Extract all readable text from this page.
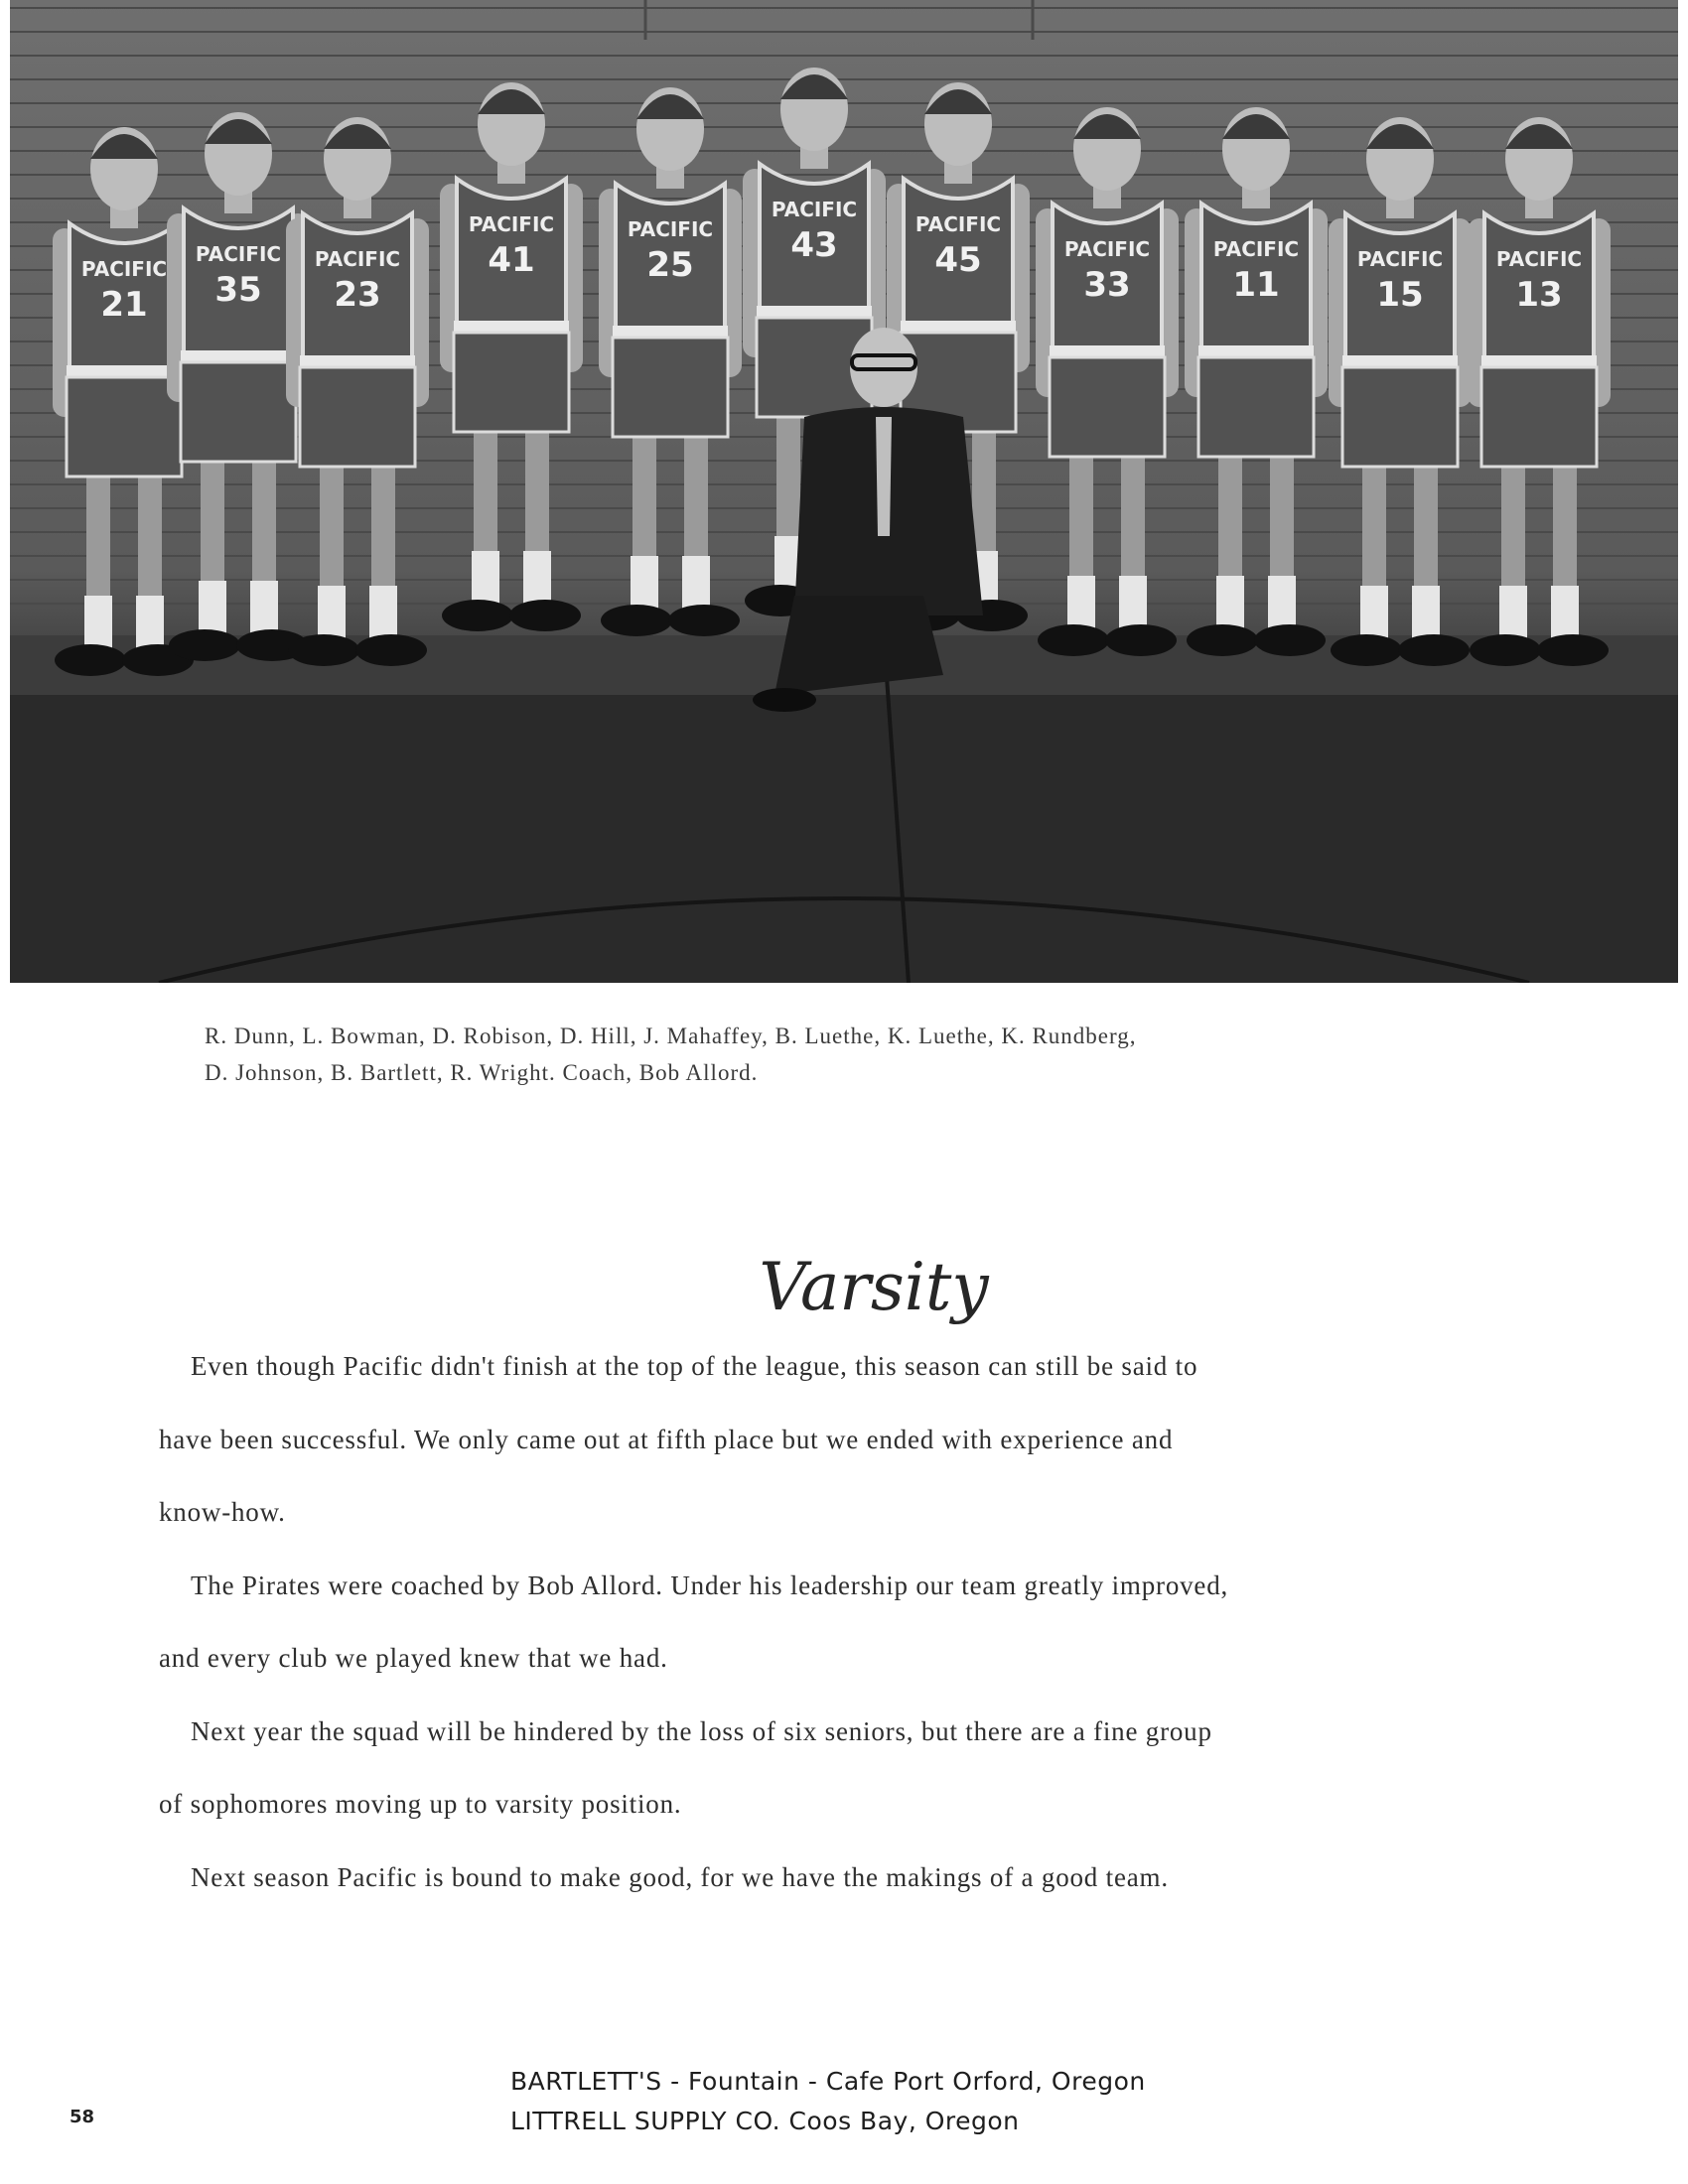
PACIFIC
21
PACIFIC
35
PACIFIC
23
PACIFIC
41
PACIFIC
25
PACIFIC
43
PACIFIC
45	PACIFIC
33
PACIFIC
11
PACIFIC
15
PACIFIC
13
R. Dunn, L. Bowman, D. Robison, D. Hill, J. Mahaffey, B. Luethe, K. Luethe, K. Rundberg,
D. Johnson, B. Bartlett, R. Wright. Coach, Bob Allord.
Varsity

Even though Pacific didn't finish at the top of the league, this season can still be said to

have been successful. We only came out at fifth place but we ended with experience and

know-how.

The Pirates were coached by Bob Allord. Under his leadership our team greatly improved,

and every club we played knew that we had.

Next year the squad will be hindered by the loss of six seniors, but there are a fine group

of sophomores moving up to varsity position.

Next season Pacific is bound to make good, for we have the makings of a good team.

BARTLETT'S - Fountain - Cafe Port Orford, Oregon
LITTRELL SUPPLY CO. Coos Bay, Oregon
58
